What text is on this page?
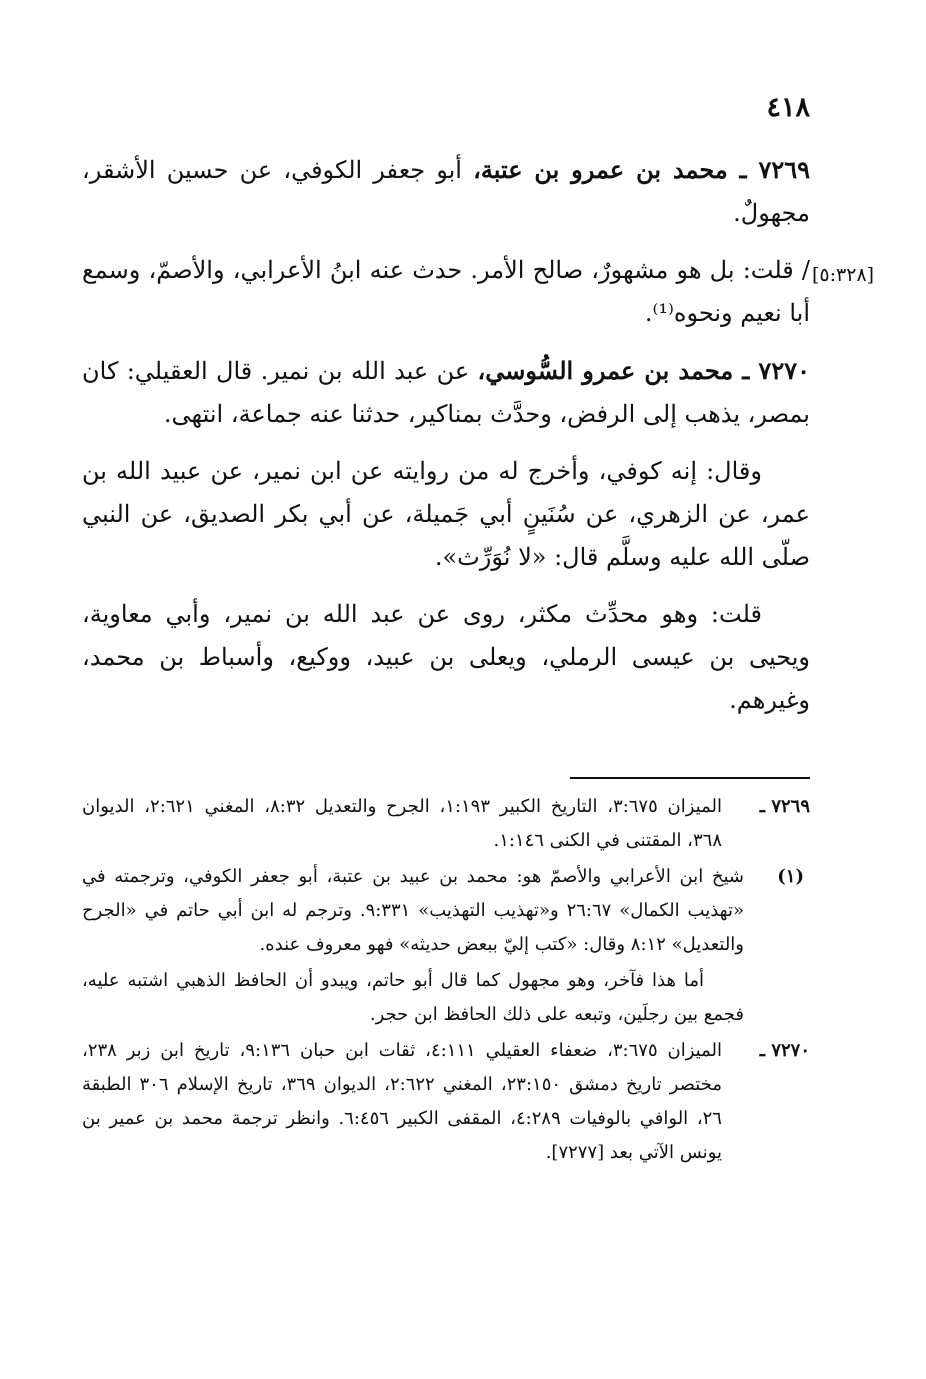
٤١٨
[٥:٣٢٨]

٧٢٦٩ ـ محمد بن عمرو بن عتبة، أبو جعفر الكوفي، عن حسين الأشقر، مجهولٌ.

/ قلت: بل هو مشهورٌ، صالح الأمر. حدث عنه ابنُ الأعرابي، والأصمّ، وسمع أبا نعيم ونحوه⁽¹⁾.

٧٢٧٠ ـ محمد بن عمرو السُّوسي، عن عبد الله بن نمير. قال العقيلي: كان بمصر، يذهب إلى الرفض، وحدَّث بمناكير، حدثنا عنه جماعة، انتهى.

وقال: إنه كوفي، وأخرج له من روايته عن ابن نمير، عن عبيد الله بن عمر، عن الزهري، عن سُنَينٍ أبي جَميلة، عن أبي بكر الصديق، عن النبي صلّى الله عليه وسلَّم قال: «لا نُوَرِّث».

قلت: وهو محدِّث مكثر، روى عن عبد الله بن نمير، وأبي معاوية، ويحيى بن عيسى الرملي، ويعلى بن عبيد، ووكيع، وأسباط بن محمد، وغيرهم.

٧٢٦٩ ـ
الميزان ٣:٦٧٥، التاريخ الكبير ١:١٩٣، الجرح والتعديل ٨:٣٢، المغني ٢:٦٢١، الديوان ٣٦٨، المقتنى في الكنى ١:١٤٦.
(١)
شيخ ابن الأعرابي والأصمّ هو: محمد بن عبيد بن عتبة، أبو جعفر الكوفي، وترجمته في «تهذيب الكمال» ٢٦:٦٧ و«تهذيب التهذيب» ٩:٣٣١. وترجم له ابن أبي حاتم في «الجرح والتعديل» ٨:١٢ وقال: «كتب إليّ ببعض حديثه» فهو معروف عنده.
أما هذا فآخر، وهو مجهول كما قال أبو حاتم، ويبدو أن الحافظ الذهبي اشتبه عليه، فجمع بين رجلَين، وتبعه على ذلك الحافظ ابن حجر.
٧٢٧٠ ـ
الميزان ٣:٦٧٥، ضعفاء العقيلي ٤:١١١، ثقات ابن حبان ٩:١٣٦، تاريخ ابن زبر ٢٣٨، مختصر تاريخ دمشق ٢٣:١٥٠، المغني ٢:٦٢٢، الديوان ٣٦٩، تاريخ الإسلام ٣٠٦ الطبقة ٢٦، الوافي بالوفيات ٤:٢٨٩، المقفى الكبير ٦:٤٥٦. وانظر ترجمة محمد بن عمير بن يونس الآتي بعد [٧٢٧٧].
